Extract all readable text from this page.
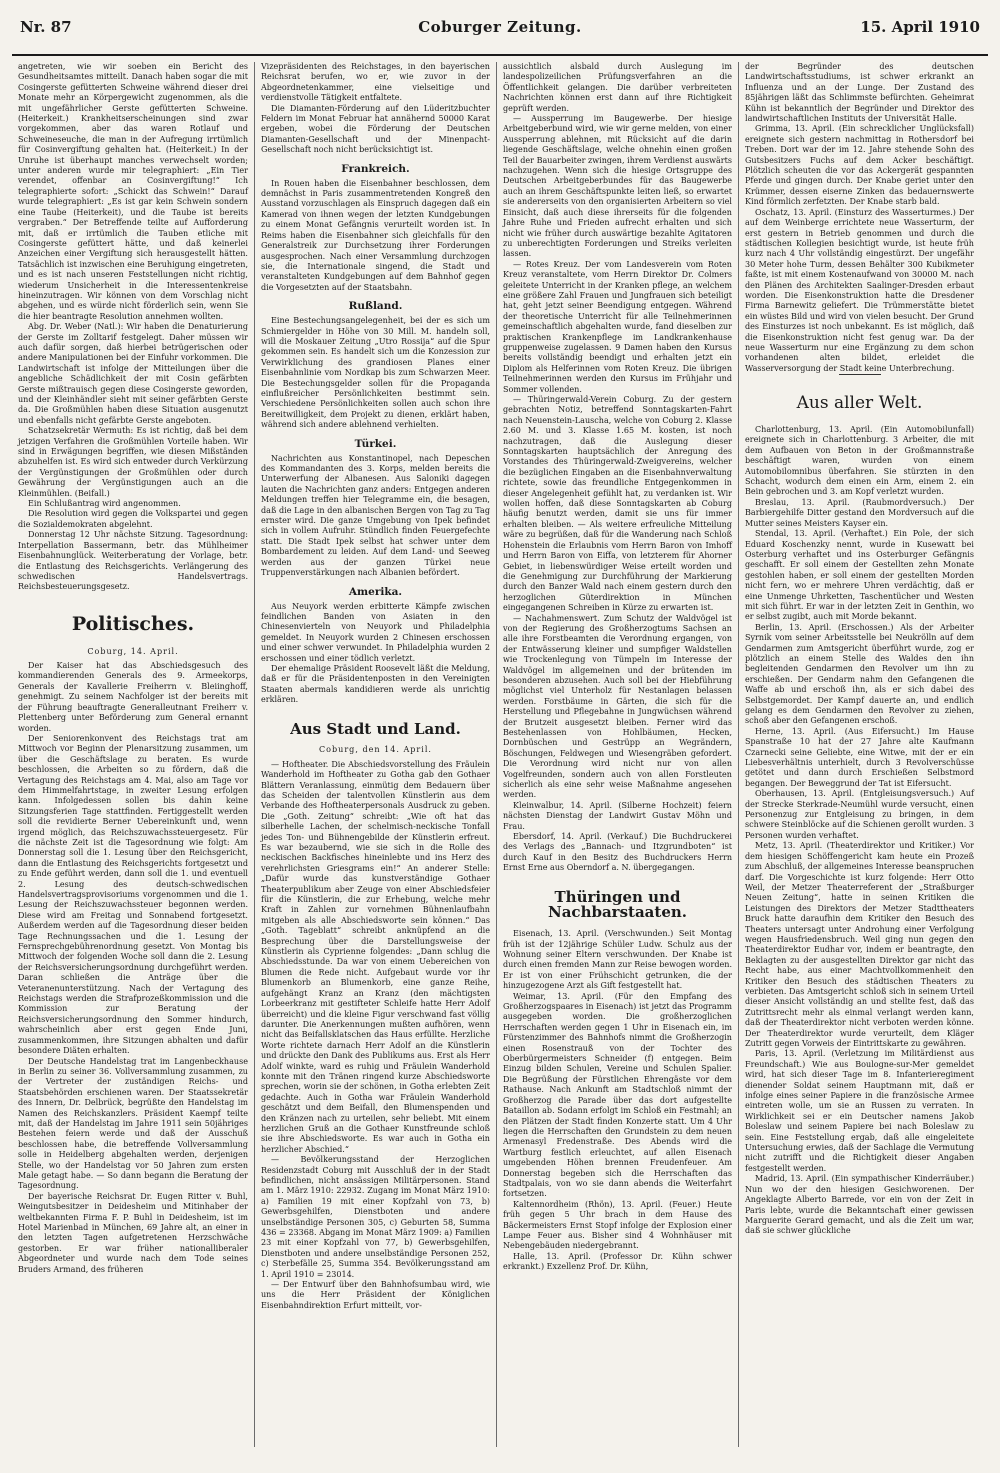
Nr. 87	Coburger Zeitung.	15. April 1910

angetreten, wie wir soeben ein Bericht des Gesundheitsamtes mitteilt. Danach haben sogar die mit Cosingerste gefütterten Schweine während dieser drei Monate mehr an Körpergewicht zugenommen, als die mit ungefährlicher Gerste gefütterten Schweine. (Heiterkeit.) Krankheitserscheinungen sind zwar vorgekommen, aber das waren Rotlauf und Schweineseuche, die man in der Aufregung irrtümlich für Cosinvergiftung gehalten hat. (Heiterkeit.) In der Unruhe ist überhaupt manches verwechselt worden; unter anderen wurde mir telegraphiert: „Ein Tier verendet, offenbar an Cosinvergiftung!“ Ich telegraphierte sofort: „Schickt das Schwein!“ Darauf wurde telegraphiert: „Es ist gar kein Schwein sondern eine Taube (Heiterkeit), und die Taube ist bereits vergraben.“ Der Betreffende teilte auf Aufforderung mit, daß er irrtümlich die Tauben etliche mit Cosingerste gefüttert hätte, und daß keinerlei Anzeichen einer Vergiftung sich herausgestellt hätten. Tatsächlich ist inzwischen eine Beruhigung eingetreten, und es ist nach unseren Feststellungen nicht richtig, wiederum Unsicherheit in die Interessentenkreise hineinzutragen. Wir können von dem Vorschlag nicht abgehen, und es würde nicht förderlich sein, wenn Sie die hier beantragte Resolution annehmen wollten.

Abg. Dr. Weber (Natl.): Wir haben die Denaturierung der Gerste im Zolltarif festgelegt. Daher müssen wir auch dafür sorgen, daß hierbei betrügerischen oder andere Manipulationen bei der Einfuhr vorkommen. Die Landwirtschaft ist infolge der Mitteilungen über die angebliche Schädlichkeit der mit Cosin gefärbten Gerste mißtrauisch gegen diese Cosingerste geworden, und der Kleinhändler sieht mit seiner gefärbten Gerste da. Die Großmühlen haben diese Situation ausgenutzt und ebenfalls nicht gefärbte Gerste angeboten.

Schatzsekretär Wermuth: Es ist richtig, daß bei dem jetzigen Verfahren die Großmühlen Vorteile haben. Wir sind in Erwägungen begriffen, wie diesen Mißständen abzuhelfen ist. Es wird sich entweder durch Verkürzung der Vergünstigungen der Großmühlen oder durch Gewährung der Vergünstigungen auch an die Kleinmühlen. (Beifall.)

Ein Schlußantrag wird angenommen.

Die Resolution wird gegen die Volkspartei und gegen die Sozialdemokraten abgelehnt.

Donnerstag 12 Uhr nächste Sitzung. Tagesordnung: Interpellation Bassermann, betr. das Mühlheimer Eisenbahnunglück. Weiterberatung der Vorlage, betr. die Entlastung des Reichsgerichts. Verlängerung des schwedischen Handelsvertrags. Reichsbesteuerungsgesetz.

Politisches.
Coburg, 14. April.

Der Kaiser hat das Abschiedsgesuch des kommandierenden Generals des 9. Armeekorps, Generals der Kavallerie Freiherrn v. Bleiinghoff, genehmigt. Zu seinem Nachfolger ist der bereits mit der Führung beauftragte Generalleutnant Freiherr v. Plettenberg unter Beförderung zum General ernannt worden.

Der Seniorenkonvent des Reichstags trat am Mittwoch vor Beginn der Plenarsitzung zusammen, um über die Geschäftslage zu beraten. Es wurde beschlossen, die Arbeiten so zu fördern, daß die Vertagung des Reichstags am 4. Mai, also am Tage vor dem Himmelfahrtstage, in zweiter Lesung erfolgen kann. Infolgedessen sollen bis dahin keine Sitzungsferien Tage stattfinden. Fertiggestellt werden soll die revidierte Berner Uebereinkunft und, wenn irgend möglich, das Reichszuwachssteuergesetz. Für die nächste Zeit ist die Tagesordnung wie folgt: Am Donnerstag soll die 1. Lesung über den Reichsgericht, dann die Entlastung des Reichsgerichts fortgesetzt und zu Ende geführt werden, dann soll die 1. und eventuell 2. Lesung des deutsch-schwedischen Handelsvertragsprovisoriums vorgenommen und die 1. Lesung der Reichszuwachssteuer begonnen werden. Diese wird am Freitag und Sonnabend fortgesetzt. Außerdem werden auf die Tagesordnung dieser beiden Tage Rechnungssachen und die 1. Lesung der Fernsprechgebührenordnung gesetzt. Von Montag bis Mittwoch der folgenden Woche soll dann die 2. Lesung der Reichsversicherungsordnung durchgeführt werden. Daran schließen die Anträge über die Veteranenunterstützung. Nach der Vertagung des Reichstags werden die Strafprozeßkommission und die Kommission zur Beratung der Reichsversicherungsordnung den Sommer hindurch, wahrscheinlich aber erst gegen Ende Juni, zusammenkommen, ihre Sitzungen abhalten und dafür besondere Diäten erhalten.

Der Deutsche Handelstag trat im Langenbeckhause in Berlin zu seiner 36. Vollversammlung zusammen, zu der Vertreter der zuständigen Reichs- und Staatsbehörden erschienen waren. Der Staatssekretär des Innern, Dr. Delbrück, begrüßte den Handelstag im Namen des Reichskanzlers. Präsident Kaempf teilte mit, daß der Handelstag im Jahre 1911 sein 50jähriges Bestehen feiern werde und daß der Ausschuß beschlossen habe, die betreffende Vollversammlung solle in Heidelberg abgehalten werden, derjenigen Stelle, wo der Handelstag vor 50 Jahren zum ersten Male getagt habe. — So dann begann die Beratung der Tagesordnung.

Der bayerische Reichsrat Dr. Eugen Ritter v. Buhl, Weingutsbesitzer in Deidesheim und Mitinhaber der weltbekannten Firma F. P. Buhl in Deidesheim, ist im Hotel Marienbad in München, 69 Jahre alt, an einer in den letzten Tagen aufgetretenen Herzschwäche gestorben. Er war früher nationalliberaler Abgeordneter und wurde nach dem Tode seines Bruders Armand, des früheren

Vizepräsidenten des Reichstages, in den bayerischen Reichsrat berufen, wo er, wie zuvor in der Abgeordnetenkammer, eine vielseitige und verdienstvolle Tätigkeit entfaltete.

Die Diamanten-Förderung auf den Lüderitzbuchter Feldern im Monat Februar hat annähernd 50000 Karat ergeben, wobei die Förderung der Deutschen Diamanten-Gesellschaft und der Minenpacht-Gesellschaft noch nicht berücksichtigt ist.

Frankreich.

In Rouen haben die Eisenbahner beschlossen, dem demnächst in Paris zusammentretenden Kongreß den Ausstand vorzuschlagen als Einspruch dagegen daß ein Kamerad von ihnen wegen der letzten Kundgebungen zu einem Monat Gefängnis verurteilt worden ist. In Reims haben die Eisenbahner sich gleichfalls für den Generalstreik zur Durchsetzung ihrer Forderungen ausgesprochen. Nach einer Versammlung durchzogen sie, die Internationale singend, die Stadt und veranstalteten Kundgebungen auf dem Bahnhof gegen die Vorgesetzten auf der Staatsbahn.

Rußland.

Eine Bestechungsangelegenheit, bei der es sich um Schmiergelder in Höhe von 30 Mill. M. handeln soll, will die Moskauer Zeitung „Utro Rossija“ auf die Spur gekommen sein. Es handelt sich um die Konzession zur Verwirklichung des grandiosen Planes einer Eisenbahnlinie vom Nordkap bis zum Schwarzen Meer. Die Bestechungsgelder sollen für die Propaganda einflußreicher Persönlichkeiten bestimmt sein. Verschiedene Persönlichkeiten sollen auch schon ihre Bereitwilligkeit, dem Projekt zu dienen, erklärt haben, während sich andere ablehnend verhielten.

Türkei.

Nachrichten aus Konstantinopel, nach Depeschen des Kommandanten des 3. Korps, melden bereits die Unterwerfung der Albanesen. Aus Saloniki dagegen lauten die Nachrichten ganz anders: Entgegen anderen Meldungen treffen hier Telegramme ein, die besagen, daß die Lage in den albanischen Bergen von Tag zu Tag ernster wird. Die ganze Umgebung von Ipek befindet sich in vollem Aufruhr. Stündlich finden Feuergefechte statt. Die Stadt Ipek selbst hat schwer unter dem Bombardement zu leiden. Auf dem Land- und Seeweg werden aus der ganzen Türkei neue Truppenverstärkungen nach Albanien befördert.

Amerika.

Aus Neuyork werden erbitterte Kämpfe zwischen feindlichen Banden von Asiaten in den Chinesenvierteln von Neuyork und Philadelphia gemeldet. In Neuyork wurden 2 Chinesen erschossen und einer schwer verwundet. In Philadelphia wurden 2 erschossen und einer tödlich verletzt.

Der ehemalige Präsident Roosevelt läßt die Meldung, daß er für die Präsidentenposten in den Vereinigten Staaten abermals kandidieren werde als unrichtig erklären.

Aus Stadt und Land.
Coburg, den 14. April.

— Hoftheater. Die Abschiedsvorstellung des Fräulein Wanderhold im Hoftheater zu Gotha gab den Gothaer Blättern Veranlassung, einmütig dem Bedauern über das Scheiden der talentvollen Künstlerin aus dem Verbande des Hoftheaterpersonals Ausdruck zu geben. Die „Goth. Zeitung“ schreibt: „Wie oft hat das silberhelle Lachen, der schelmisch-neckische Tonfall jedes Ton- und Bühnengebilde der Künstlerin erfreut. Es war bezaubernd, wie sie sich in die Rolle des neckischen Backfisches hineinlebte und ins Herz des verehrlichsten Griesgrams ein!“ An anderer Stelle: „Dafür wurde das kunstverständige Gothaer Theaterpublikum aber Zeuge von einer Abschiedsfeier für die Künstlerin, die zur Erhebung, welche mehr Kraft in Zahlen zur vornehmen Bühnenlaufbahn mitgeben als alle Abschiedsworte sein können.“ Das „Goth. Tageblatt“ schreibt anknüpfend an die Besprechung über die Darstellungsweise der Künstlerin als Cyprienne folgendes: „Dann schlug die Abschiedsstunde. Da war von einem Uebereichen von Blumen die Rede nicht. Aufgebaut wurde vor ihr Blumenkorb an Blumenkorb, eine ganze Reihe, aufgehängt Kranz an Kranz (den mächtigsten Lorbeerkranz mit gestifteter Schleife hatte Herr Adolf überreicht) und die kleine Figur verschwand fast völlig darunter. Die Anerkennungen mußten aufhören, wenn nicht das Beifallsklatschen das Haus erfüllte. Herzliche Worte richtete darnach Herr Adolf an die Künstlerin und drückte den Dank des Publikums aus. Erst als Herr Adolf winkte, ward es ruhig und Fräulein Wanderhold konnte mit den Tränen ringend kurze Abschiedsworte sprechen, worin sie der schönen, in Gotha erlebten Zeit gedachte. Auch in Gotha war Fräulein Wanderhold geschätzt und dem Beifall, den Blumenspenden und den Kränzen nach zu urteilen, sehr beliebt. Mit einem herzlichen Gruß an die Gothaer Kunstfreunde schloß sie ihre Abschiedsworte. Es war auch in Gotha ein herzlicher Abschied.“

— Bevölkerungsstand der Herzoglichen Residenzstadt Coburg mit Ausschluß der in der Stadt befindlichen, nicht ansässigen Militärpersonen. Stand am 1. März 1910: 22932. Zugang im Monat März 1910: a) Familien 19 mit einer Kopfzahl von 73, b) Gewerbsgehilfen, Dienstboten und andere unselbständige Personen 305, c) Geburten 58, Summa 436 = 23368. Abgang im Monat März 1909: a) Familien 23 mit einer Kopfzahl von 77, b) Gewerbsgehilfen, Dienstboten und andere unselbständige Personen 252, c) Sterbefälle 25, Summa 354. Bevölkerungsstand am 1. April 1910 = 23014.

— Der Entwurf über den Bahnhofsumbau wird, wie uns die Herr Präsident der Königlichen Eisenbahndirektion Erfurt mitteilt, vor-

aussichtlich alsbald durch Auslegung im landespolizeilichen Prüfungsverfahren an die Öffentlichkeit gelangen. Die darüber verbreiteten Nachrichten können erst dann auf ihre Richtigkeit geprüft werden.

— Aussperrung im Baugewerbe. Der hiesige Arbeitgeberbund wird, wie wir gerne melden, von einer Aussperrung ablehnen, mit Rücksicht auf die darin liegende Geschäftslage, welche ohnehin einen großen Teil der Bauarbeiter zwingen, ihrem Verdienst auswärts nachzugehen. Wenn sich die hiesige Ortsgruppe des Deutschen Arbeitgeberbundes für das Baugewerbe auch an ihrem Geschäftspunkte leiten ließ, so erwartet sie andererseits von den organisierten Arbeitern so viel Einsicht, daß auch diese ihrerseits für die folgenden Jahre Ruhe und Frieden aufrecht erhalten und sich nicht wie früher durch auswärtige bezahlte Agitatoren zu unberechtigten Forderungen und Streiks verleiten lassen.

— Rotes Kreuz. Der vom Landesverein vom Roten Kreuz veranstaltete, vom Herrn Direktor Dr. Colmers geleitete Unterricht in der Kranken pflege, an welchem eine größere Zahl Frauen und Jungfrauen sich beteiligt hat, geht jetzt seiner Beendigung entgegen. Während der theoretische Unterricht für alle Teilnehmerinnen gemeinschaftlich abgehalten wurde, fand dieselben zur praktischen Krankenpflege im Landkrankenhause gruppenweise zugelassen. 9 Damen haben den Kursus bereits vollständig beendigt und erhalten jetzt ein Diplom als Helferinnen vom Roten Kreuz. Die übrigen Teilnehmerinnen werden den Kursus im Frühjahr und Sommer vollenden.

— Thüringerwald-Verein Coburg. Zu der gestern gebrachten Notiz, betreffend Sonntagskarten-Fahrt nach Neuenstein-Lauscha, welche von Coburg 2. Klasse 2.60 M. und 3. Klasse 1.65 M. kosten, ist noch nachzutragen, daß die Auslegung dieser Sonntagskarten hauptsächlich der Anregung des Vorstandes des Thüringerwald-Zweigvereins, welcher die bezüglichen Eingaben an die Eisenbahnverwaltung richtete, sowie das freundliche Entgegenkommen in dieser Angelegenheit gefühlt hat, zu verdanken ist. Wir wollen hoffen, daß diese Sonntagskarten ab Coburg häufig benutzt werden, damit sie uns für immer erhalten bleiben. — Als weitere erfreuliche Mitteilung wäre zu begrüßen, daß für die Wanderung nach Schloß Hohenstein die Erlaubnis vom Herrn Baron von Imhoff und Herrn Baron von Eiffa, von letzterem für Ahorner Gebiet, in liebenswürdiger Weise erteilt worden und die Genehmigung zur Durchführung der Markierung durch den Banzer Wald nach einem gestern durch den herzoglichen Güterdirektion in München eingegangenen Schreiben in Kürze zu erwarten ist.

— Nachahmenswert. Zum Schutz der Waldvögel ist von der Regierung des Großherzogtums Sachsen an alle ihre Forstbeamten die Verordnung ergangen, von der Entwässerung kleiner und sumpfiger Waldstellen wie Trockenlegung von Tümpeln im Interesse der Waldvögel im allgemeinen und der brütenden im besonderen abzusehen. Auch soll bei der Hiebführung möglichst viel Unterholz für Nestanlagen belassen werden. Forstbäume in Gärten, die sich für die Herstellung und Pflegebahne in Jungwüchsen während der Brutzeit ausgesetzt bleiben. Ferner wird das Bestehenlassen von Hohlbäumen, Hecken, Dornbüschen und Gestrüpp an Wegrändern, Böschungen, Feldwegen und Wiesengräben gefordert. Die Verordnung wird nicht nur von allen Vogelfreunden, sondern auch von allen Forstleuten sicherlich als eine sehr weise Maßnahme angesehen werden.

Kleinwalbur, 14. April. (Silberne Hochzeit) feiern nächsten Dienstag der Landwirt Gustav Möhn und Frau.

Ebersdorf, 14. April. (Verkauf.) Die Buchdruckerei des Verlags des „Bannach- und Itzgrundboten“ ist durch Kauf in den Besitz des Buchdruckers Herrn Ernst Erne aus Oberndorf a. N. übergegangen.

Thüringen und Nachbarstaaten.

Eisenach, 13. April. (Verschwunden.) Seit Montag früh ist der 12jährige Schüler Ludw. Schulz aus der Wohnung seiner Eltern verschwunden. Der Knabe ist durch einen fremden Mann zur Reise bewogen worden. Er ist von einer Frühschicht getrunken, die der hinzugezogene Arzt als Gift festgestellt hat.

Weimar, 13. April. (Für den Empfang des Großherzogspaares in Eisenach) ist jetzt das Programm ausgegeben worden. Die großherzoglichen Herrschaften werden gegen 1 Uhr in Eisenach ein, im Fürstenzimmer des Bahnhofs nimmt die Großherzogin einen Rosenstrauß von der Tochter des Oberbürgermeisters Schneider (f) entgegen. Beim Einzug bilden Schulen, Vereine und Schulen Spalier. Die Begrüßung der Fürstlichen Ehrengäste vor dem Rathause. Nach Ankunft am Stadtschloß nimmt der Großherzog die Parade über das dort aufgestellte Bataillon ab. Sodann erfolgt im Schloß ein Festmahl; an den Plätzen der Stadt finden Konzerte statt. Um 4 Uhr liegen die Herrschaften den Grundstein zu dem neuen Armenasyl Fredenstraße. Des Abends wird die Wartburg festlich erleuchtet, auf allen Eisenach umgebenden Höhen brennen Freudenfeuer. Am Donnerstag begeben sich die Herrschaften das Stadtpalais, von wo sie dann abends die Weiterfahrt fortsetzen.

Kaltennordheim (Rhön), 13. April. (Feuer.) Heute früh gegen 5 Uhr brach in dem Hause des Bäckermeisters Ernst Stopf infolge der Explosion einer Lampe Feuer aus. Bisher sind 4 Wohnhäuser mit Nebengebäuden niedergebrannt.

Halle, 13. April. (Professor Dr. Kühn schwer erkrankt.) Exzellenz Prof. Dr. Kühn,

der Begründer des deutschen Landwirtschaftsstudiums, ist schwer erkrankt an Influenza und an der Lunge. Der Zustand des 85jährigen läßt das Schlimmste befürchten. Geheimrat Kühn ist bekanntlich der Begründer und Direktor des landwirtschaftlichen Instituts der Universität Halle.

Grimma, 13. April. (Ein schrecklicher Unglücksfall) ereignete sich gestern nachmittag in Rothersdorf bei Treben. Dort war der im 12. Jahre stehende Sohn des Gutsbesitzers Fuchs auf dem Acker beschäftigt. Plötzlich scheuten die vor das Ackergerät gespannten Pferde und gingen durch. Der Knabe geriet unter den Krümmer, dessen eiserne Zinken das bedauernswerte Kind förmlich zerfetzten. Der Knabe starb bald.

Oschatz, 13. April. (Einsturz des Wasserturmes.) Der auf dem Weinberge errichtete neue Wasserturm, der erst gestern in Betrieb genommen und durch die städtischen Kollegien besichtigt wurde, ist heute früh kurz nach 4 Uhr vollständig eingestürzt. Der ungefähr 30 Meter hohe Turm, dessen Behälter 300 Kubikmeter faßte, ist mit einem Kostenaufwand von 30000 M. nach den Plänen des Architekten Saalinger-Dresden erbaut worden. Die Eisenkonstruktion hatte die Dresdener Firma Barnewitz geliefert. Die Trümmerstätte bietet ein wüstes Bild und wird von vielen besucht. Der Grund des Einsturzes ist noch unbekannt. Es ist möglich, daß die Eisenkonstruktion nicht fest genug war. Da der neue Wasserturm nur eine Ergänzung zu dem schon vorhandenen alten bildet, erleidet die Wasserversorgung der Stadt keine Unterbrechung.

Aus aller Welt.

Charlottenburg, 13. April. (Ein Automobilunfall) ereignete sich in Charlottenburg. 3 Arbeiter, die mit dem Aufbauen von Beton in der Großmannstraße beschäftigt waren, wurden von einem Automobilomnibus überfahren. Sie stürzten in den Schacht, wodurch dem einen ein Arm, einem 2. ein Bein gebrochen und 3. am Kopf verletzt wurden.

Breslau, 13. April. (Raubmordversuch.) Der Barbiergehilfe Ditter gestand den Mordversuch auf die Mutter seines Meisters Kayser ein.

Stendal, 13. April. (Verhaftet.) Ein Pole, der sich Eduard Koschenzky nennt, wurde in Kusewatt bei Osterburg verhaftet und ins Osterburger Gefängnis geschafft. Er soll einem der Gestellten zehn Monate gestohlen haben, er soll einem der gestellten Morden nicht fern, wo er mehrere Uhren verdächtig, daß er eine Unmenge Uhrketten, Taschentücher und Westen mit sich führt. Er war in der letzten Zeit in Genthin, wo er selbst zugibt, auch mit Morde bekannt.

Berlin, 13. April. (Erschossen.) Als der Arbeiter Syrnik vom seiner Arbeitsstelle bei Neukrölln auf dem Gendarmen zum Amtsgericht überführt wurde, zog er plötzlich an einem Stelle des Waldes den ihn begleitenden Gendarmen den Revolver um ihn zu erschießen. Der Gendarm nahm den Gefangenen die Waffe ab und erschoß ihn, als er sich dabei des Selbstgemordet. Der Kampf dauerte an, und endlich gelang es dem Gendarmen den Revolver zu ziehen, schoß aber den Gefangenen erschoß.

Herne, 13. April. (Aus Eifersucht.) Im Hause Spanstraße 10 hat der 27 Jahre alte Kaufmann Czarnecki seine Geliebte, eine Witwe, mit der er ein Liebesverhältnis unterhielt, durch 3 Revolverschüsse getötet und dann durch Erschießen Selbstmord begangen. Der Beweggrund der Tat ist Eifersucht.

Oberhausen, 13. April. (Entgleisungsversuch.) Auf der Strecke Sterkrade-Neumühl wurde versucht, einen Personenzug zur Entgleisung zu bringen, in dem schwere Steinblöcke auf die Schienen gerollt wurden. 3 Personen wurden verhaftet.

Metz, 13. April. (Theaterdirektor und Kritiker.) Vor dem hiesigen Schöffengericht kam heute ein Prozeß zum Abschluß, der allgemeines Interesse beanspruchen darf. Die Vorgeschichte ist kurz folgende: Herr Otto Weil, der Metzer Theaterreferent der „Straßburger Neuen Zeitung“, hatte in seinen Kritiken die Leistungen des Direktors der Metzer Stadttheaters Bruck hatte daraufhin dem Kritiker den Besuch des Theaters untersagt unter Androhung einer Verfolgung wegen Hausfriedensbruch. Weil ging nun gegen den Theaterdirektor Eudhar vor, indem er beantragte, den Beklagten zu der ausgestellten Direktor gar nicht das Recht habe, aus einer Machtvollkommenheit den Kritiker den Besuch des städtischen Theaters zu verbieten. Das Amtsgericht schloß sich in seinem Urteil dieser Ansicht vollständig an und stellte fest, daß das Zutrittsrecht mehr als einmal verlangt werden kann, daß der Theaterdirektor nicht verboten werden könne. Der Theaterdirektor wurde verurteilt, dem Kläger Zutritt gegen Vorweis der Eintrittskarte zu gewähren.

Paris, 13. April. (Verletzung im Militärdienst aus Freundschaft.) Wie aus Boulogne-sur-Mer gemeldet wird, hat sich dieser Tage im 8. Infanterieregiment dienender Soldat seinem Hauptmann mit, daß er infolge eines seiner Papiere in die französische Armee eintreten wolle, um sie an Russen zu verraten. In Wirklichkeit sei er ein Deutscher namens Jakob Boleslaw und seinem Papiere bei nach Boleslaw zu sein. Eine Feststellung ergab, daß alle eingeleitete Untersuchung erwies, daß der Sachlage die Vermutung nicht zutrifft und die Richtigkeit dieser Angaben festgestellt werden.

Madrid, 13. April. (Ein sympathischer Kinderräuber.) Nun wo der den hiesigen Gesichworenen. Der Angeklagte Alberto Barrede, vor ein von der Zeit in Paris lebte, wurde die Bekanntschaft einer gewissen Marguerite Gerard gemacht, und als die Zeit um war, daß sie schwer glückliche
